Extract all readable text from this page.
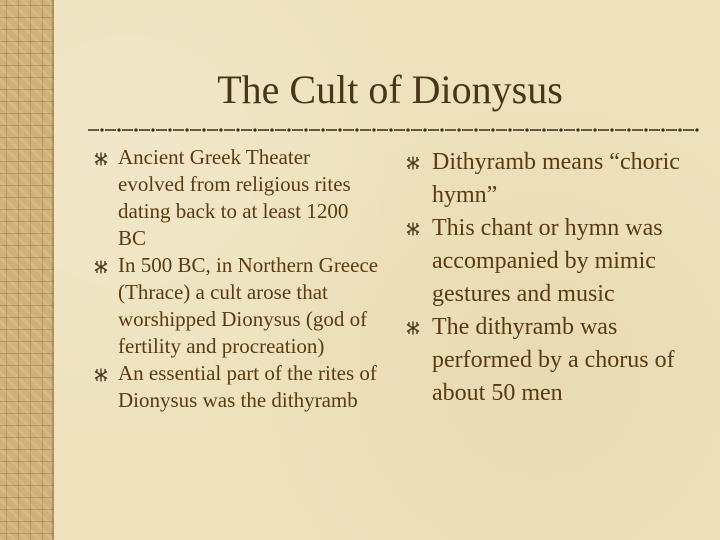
The Cult of Dionysus
Ancient Greek Theater evolved from religious rites dating back to at least 1200 BC
In 500 BC, in Northern Greece (Thrace) a cult arose that worshipped Dionysus (god of fertility and procreation)
An essential part of the rites of Dionysus was the dithyramb
Dithyramb means “choric hymn”
This chant or hymn was accompanied by mimic gestures and music
The dithyramb was performed by a chorus of about 50 men
